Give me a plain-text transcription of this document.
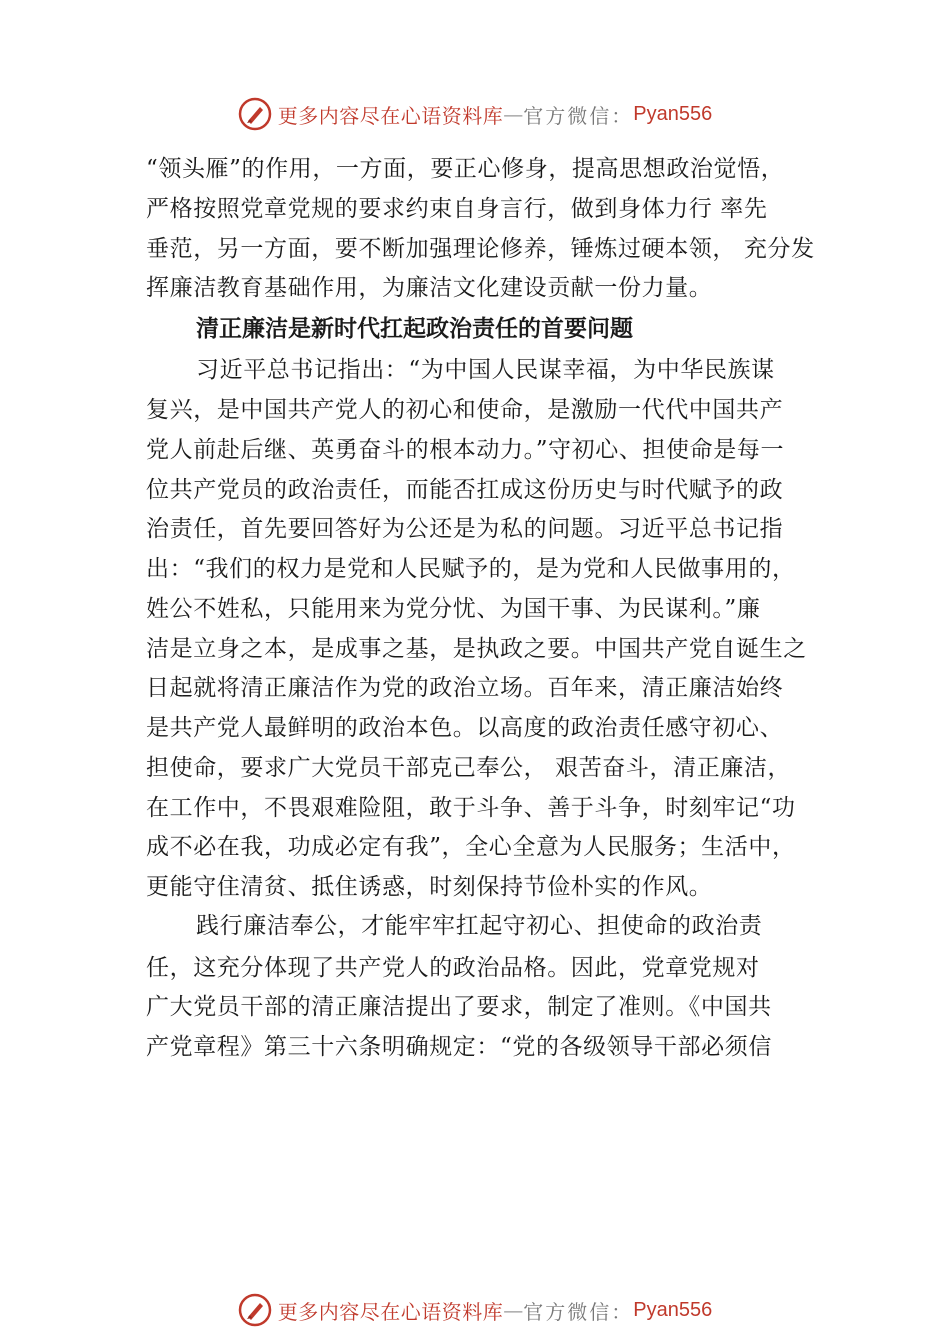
更多内容尽在心语资料库 — 官方微信： Pyan556
“领头雁”的作用，一方面，要正心修身，提高思想政治觉悟，
严格按照党章党规的要求约束自身言行，做到身体力行 率先
垂范，另一方面，要不断加强理论修养，锤炼过硬本领， 充分发
挥廉洁教育基础作用，为廉洁文化建设贡献一份力量。
清正廉洁是新时代扛起政治责任的首要问题
习近平总书记指出：“为中国人民谋幸福，为中华民族谋
复兴，是中国共产党人的初心和使命，是激励一代代中国共产
党人前赴后继、英勇奋斗的根本动力。”守初心、担使命是每一
位共产党员的政治责任，而能否扛成这份历史与时代赋予的政
治责任，首先要回答好为公还是为私的问题。习近平总书记指
出：“我们的权力是党和人民赋予的，是为党和人民做事用的，
姓公不姓私，只能用来为党分忧、为国干事、为民谋利。”廉
洁是立身之本，是成事之基，是执政之要。中国共产党自诞生之
日起就将清正廉洁作为党的政治立场。百年来，清正廉洁始终
是共产党人最鲜明的政治本色。以高度的政治责任感守初心、
担使命，要求广大党员干部克己奉公， 艰苦奋斗，清正廉洁，
在工作中，不畏艰难险阻，敢于斗争、善于斗争，时刻牢记“功
成不必在我，功成必定有我”，全心全意为人民服务；生活中，
更能守住清贫、抵住诱惑，时刻保持节俭朴实的作风。
践行廉洁奉公，才能牢牢扛起守初心、担使命的政治责
任，这充分体现了共产党人的政治品格。因此，党章党规对
广大党员干部的清正廉洁提出了要求，制定了准则。《中国共
产党章程》第三十六条明确规定：“党的各级领导干部必须信
更多内容尽在心语资料库 — 官方微信： Pyan556
